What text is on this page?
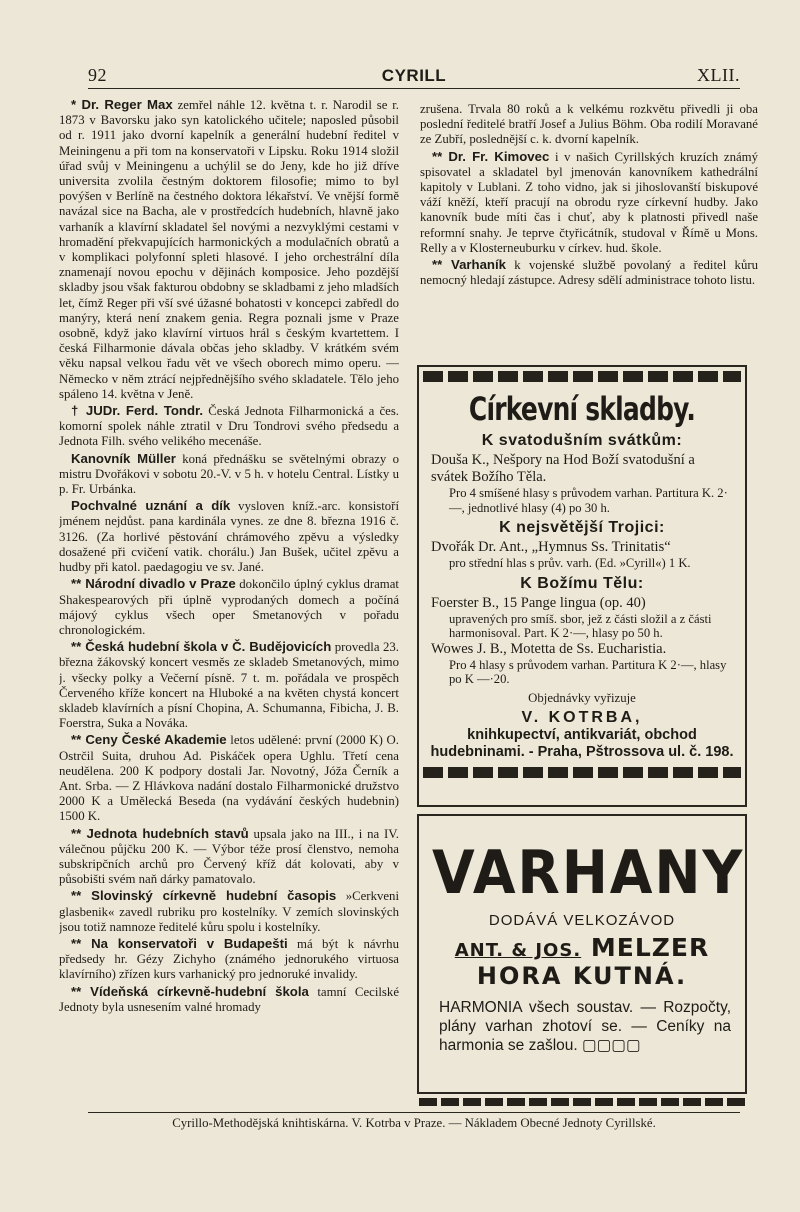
92	CYRILL	XLII.

* Dr. Reger Max zemřel náhle 12. května t. r. Narodil se r. 1873 v Bavorsku jako syn katolického učitele; naposled působil od r. 1911 jako dvorní kapelník a generální hudební ředitel v Meiningenu a při tom na konservatoři v Lipsku. Roku 1914 složil úřad svůj v Meiningenu a uchýlil se do Jeny, kde ho již dříve universita zvolila čestným doktorem filosofie; mimo to byl povýšen v Berlíně na čestného doktora lékařství. Ve vnější formě navázal sice na Bacha, ale v prostředcích hudebních, hlavně jako varhaník a klavírní skladatel šel novými a nezvyklými cestami v hromadění překvapujících harmonických a modulačních obratů a v komplikaci polyfonní spleti hlasové. I jeho orchestrální díla znamenají novou epochu v dějinách komposice. Jeho pozdější skladby jsou však fakturou obdobny se skladbami z jeho mladších let, čímž Reger při vší své úžasné bohatosti v koncepci zabředl do manýry, která není znakem genia. Regra poznali jsme v Praze osobně, když jako klavírní virtuos hrál s českým kvartettem. I česká Filharmonie dávala občas jeho skladby. V krátkém svém věku napsal velkou řadu vět ve všech oborech mimo operu. — Německo v něm ztrácí nejpřednějšího svého skladatele. Tělo jeho spáleno 14. května v Jeně.

† JUDr. Ferd. Tondr. Česká Jednota Filharmonická a čes. komorní spolek náhle ztratil v Dru Tondrovi svého předsedu a Jednota Filh. svého velikého mecenáše.

Kanovník Müller koná přednášku se světelnými obrazy o mistru Dvořákovi v sobotu 20.-V. v 5 h. v hotelu Central. Lístky u p. Fr. Urbánka.

Pochvalné uznání a dík vysloven kníž.-arc. konsistoří jménem nejdůst. pana kardinála vynes. ze dne 8. března 1916 č. 3126. (Za horlivé pěstování chrámového zpěvu a výsledky dosažené při cvičení vatik. chorálu.) Jan Bušek, učitel zpěvu a hudby při katol. paedagogiu ve sv. Jané.

** Národní divadlo v Praze dokončilo úplný cyklus dramat Shakespearových při úplně vyprodaných domech a počíná májový cyklus všech oper Smetanových v pořadu chronologickém.

** Česká hudební škola v Č. Budějovicích provedla 23. března žákovský koncert vesměs ze skladeb Smetanových, mimo j. všecky polky a Večerní písně. 7 t. m. pořádala ve prospěch Červeného kříže koncert na Hluboké a na květen chystá koncert skladeb klavírních a písní Chopina, A. Schumanna, Fibicha, J. B. Foerstra, Suka a Nováka.

** Ceny České Akademie letos udělené: první (2000 K) O. Ostrčil Suita, druhou Ad. Piskáček opera Ughlu. Třetí cena neudělena. 200 K podpory dostali Jar. Novotný, Jóža Černík a Ant. Srba. — Z Hlávkova nadání dostalo Filharmonické družstvo 2000 K a Umělecká Beseda (na vydávání českých hudebnin) 1500 K.

** Jednota hudebních stavů upsala jako na III., i na IV. válečnou půjčku 200 K. — Výbor téže prosí členstvo, nemoha subskripčních archů pro Červený kříž dát kolovati, aby v působišti svém naň dárky pamatovalo.

** Slovinský církevně hudební časopis »Cerkveni glasbenik« zavedl rubriku pro kostelníky. V zemích slovinských jsou totiž namnoze ředitelé kůru spolu i kostelníky.

** Na konservatoři v Budapešti má být k návrhu předsedy hr. Gézy Zichyho (známého jednorukého virtuosa klavírního) zřízen kurs varhanický pro jednoruké invalidy.

** Vídeňská církevně-hudební škola tamní Cecilské Jednoty byla usnesením valné hromady

zrušena. Trvala 80 roků a k velkému rozkvětu přivedli ji oba poslední ředitelé bratří Josef a Julius Böhm. Oba rodilí Moravané ze Zubří, poslednější c. k. dvorní kapelník.

** Dr. Fr. Kimovec i v našich Cyrillských kruzích známý spisovatel a skladatel byl jmenován kanovníkem kathedrální kapitoly v Lublani. Z toho vidno, jak si jihoslovanští biskupové váží kněží, kteří pracují na obrodu ryze církevní hudby. Jako kanovník bude míti čas i chuť, aby k platnosti přivedl naše reformní snahy. Je teprve čtyřicátník, studoval v Římě u Mons. Relly a v Klosterneuburku v církev. hud. škole.

** Varhaník k vojenské službě povolaný a ředitel kůru nemocný hledají zástupce. Adresy sdělí administrace tohoto listu.

Církevní skladby.
K svatodušním svátkům:
Douša K., Nešpory na Hod Boží svatodušní a svátek Božího Těla.
Pro 4 smíšené hlasy s průvodem varhan. Partitura K. 2·—, jednotlivé hlasy (4) po 30 h.
K nejsvětější Trojici:
Dvořák Dr. Ant., „Hymnus Ss. Trinitatis“
pro střední hlas s prův. varh. (Ed. »Cyrill«) 1 K.
K Božímu Tělu:
Foerster B., 15 Pange lingua (op. 40)
upravených pro smíš. sbor, jež z části složil a z části harmonisoval. Part. K 2·—, hlasy po 50 h.
Wowes J. B., Motetta de Ss. Eucharistia.
Pro 4 hlasy s průvodem varhan. Partitura K 2·—, hlasy po K —·20.
Objednávky vyřizuje
V. KOTRBA,
knihkupectví, antikvariát, obchod hudebninami. - Praha, Pštrossova ul. č. 198.
VARHANY
DODÁVÁ VELKOZÁVOD
ANT. & JOS. MELZER
HORA KUTNÁ.
HARMONIA všech soustav. — Rozpočty, plány varhan zhotoví se. — Ceníky na harmonia se zašlou. ▢▢▢▢
Cyrillo-Methodějská knihtiskárna. V. Kotrba v Praze. — Nákladem Obecné Jednoty Cyrillské.
